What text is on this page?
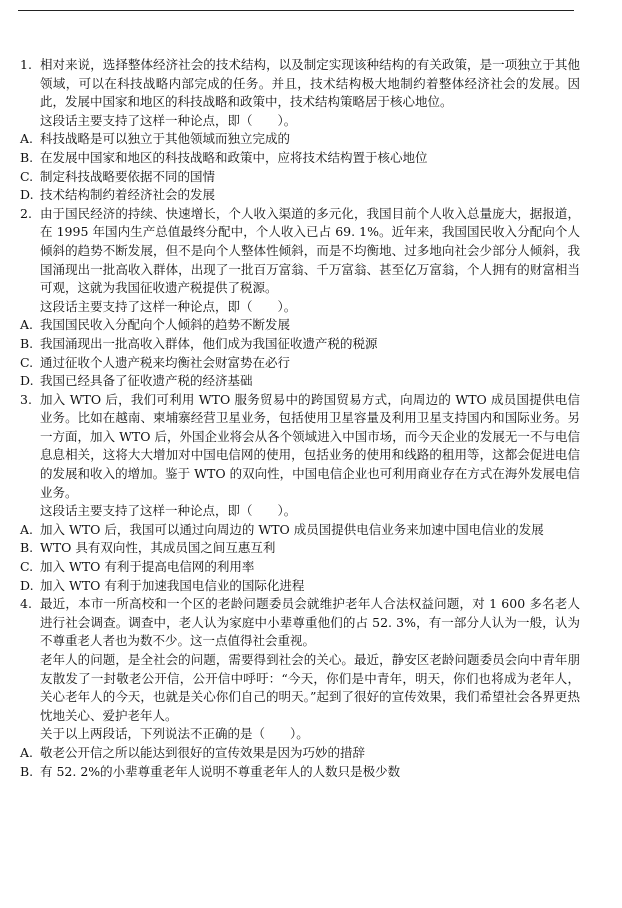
1. 相对来说，选择整体经济社会的技术结构，以及制定实现该种结构的有关政策，是一项独立于其他领域，可以在科技战略内部完成的任务。并且，技术结构极大地制约着整体经济社会的发展。因此，发展中国家和地区的科技战略和政策中，技术结构策略居于核心地位。

这段话主要支持了这样一种论点，即（　　）。

A. 科技战略是可以独立于其他领域而独立完成的
B. 在发展中国家和地区的科技战略和政策中，应将技术结构置于核心地位
C. 制定科技战略要依据不同的国情
D. 技术结构制约着经济社会的发展
2. 由于国民经济的持续、快速增长，个人收入渠道的多元化，我国目前个人收入总量庞大，据报道，在 1995 年国内生产总值最终分配中，个人收入已占 69. 1%。近年来，我国国民收入分配向个人倾斜的趋势不断发展，但不是向个人整体性倾斜，而是不均衡地、过多地向社会少部分人倾斜，我国涌现出一批高收入群体，出现了一批百万富翁、千万富翁、甚至亿万富翁，个人拥有的财富相当可观，这就为我国征收遗产税提供了税源。

这段话主要支持了这样一种论点，即（　　）。

A. 我国国民收入分配向个人倾斜的趋势不断发展
B. 我国涌现出一批高收入群体，他们成为我国征收遗产税的税源
C. 通过征收个人遗产税来均衡社会财富势在必行
D. 我国已经具备了征收遗产税的经济基础
3. 加入 WTO 后，我们可利用 WTO 服务贸易中的跨国贸易方式，向周边的 WTO 成员国提供电信业务。比如在越南、柬埔寨经营卫星业务，包括使用卫星容量及利用卫星支持国内和国际业务。另一方面，加入 WTO 后，外国企业将会从各个领域进入中国市场，而今天企业的发展无一不与电信息息相关，这将大大增加对中国电信网的使用，包括业务的使用和线路的租用等，这都会促进电信的发展和收入的增加。鉴于 WTO 的双向性，中国电信企业也可利用商业存在方式在海外发展电信业务。

这段话主要支持了这样一种论点，即（　　）。

A. 加入 WTO 后，我国可以通过向周边的 WTO 成员国提供电信业务来加速中国电信业的发展
B. WTO 具有双向性，其成员国之间互惠互利
C. 加入 WTO 有利于提高电信网的利用率
D. 加入 WTO 有利于加速我国电信业的国际化进程
4. 最近，本市一所高校和一个区的老龄问题委员会就维护老年人合法权益问题，对 1 600 多名老人进行社会调查。调查中，老人认为家庭中小辈尊重他们的占 52. 3%，有一部分人认为一般，认为不尊重老人者也为数不少。这一点值得社会重视。

老年人的问题，是全社会的问题，需要得到社会的关心。最近，静安区老龄问题委员会向中青年朋友散发了一封敬老公开信，公开信中呼吁：“今天，你们是中青年，明天，你们也将成为老年人，关心老年人的今天，也就是关心你们自己的明天。”起到了很好的宣传效果，我们希望社会各界更热忱地关心、爱护老年人。

关于以上两段话，下列说法不正确的是（　　）。

A. 敬老公开信之所以能达到很好的宣传效果是因为巧妙的措辞
B. 有 52. 2%的小辈尊重老年人说明不尊重老年人的人数只是极少数
